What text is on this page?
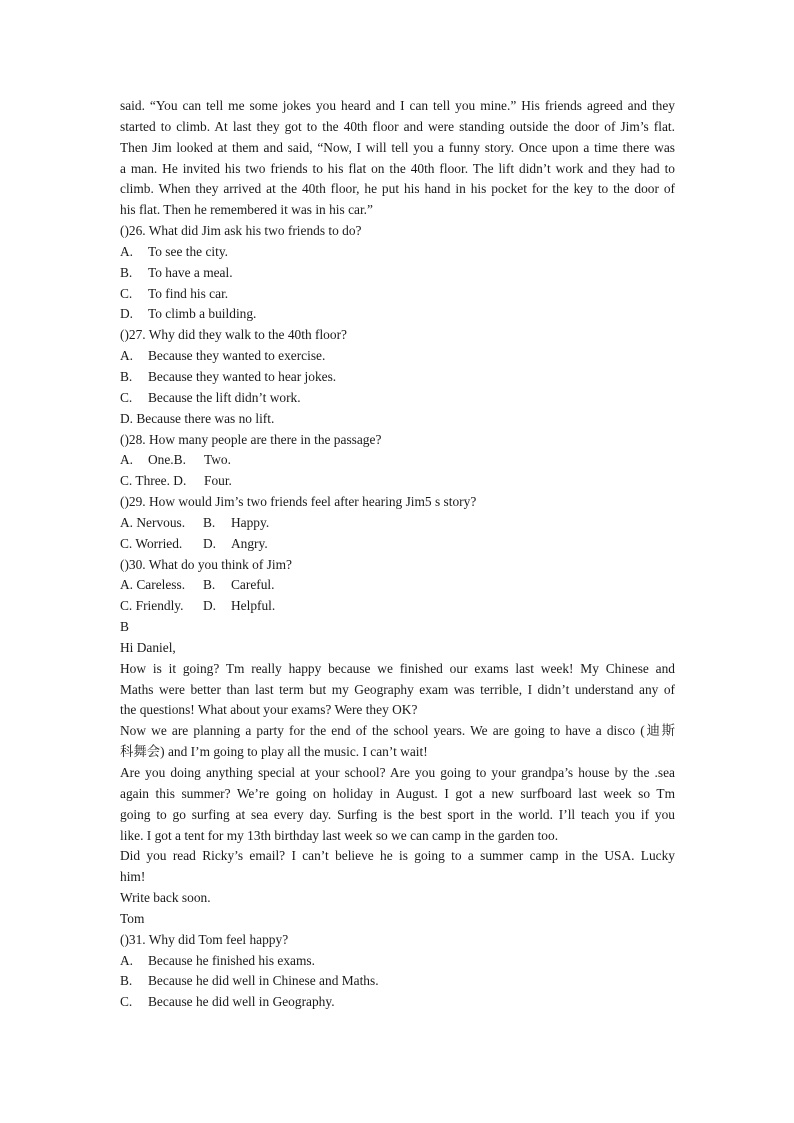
said. “You can tell me some jokes you heard and I can tell you mine.” His friends agreed and they
started to climb. At last they got to the 40th floor and were standing outside the door of Jim’s flat.
Then Jim looked at them and said, “Now, I will tell you a funny story. Once upon a time there was
a man. He invited his two friends to his flat on the 40th floor. The lift didn’t work and they had to
climb. When they arrived at the 40th floor, he put his hand in his pocket for the key to the door of
his flat. Then he remembered it was in his car.”
()26. What did Jim ask his two friends to do?
A.	To see the city.
B.	To have a meal.
C.	To find his car.
D.	To climb a building.
()27. Why did they walk to the 40th floor?
A.	Because they wanted to exercise.
B.	Because they wanted to hear jokes.
C.	Because the lift didn’t work.
D. Because there was no lift.
()28. How many people are there in the passage?
A. One.B. Two.
C. Three. D. Four.
()29. How would Jim’s two friends feel after hearing Jim5 s story?
A. Nervous. B. Happy.
C. Worried. D. Angry.
()30. What do you think of Jim?
A. Careless. B. Careful.
C. Friendly. D. Helpful.
B
Hi Daniel,
How is it going? Tm really happy because we finished our exams last week! My Chinese and
Maths were better than last term but my Geography exam was terrible, I didn’t understand any of
the questions! What about your exams? Were they OK?
Now we are planning a party for the end of the school years. We are going to have a disco (迪斯
科舞会) and I’m going to play all the music. I can’t wait!
Are you doing anything special at your school? Are you going to your grandpa’s house by the .sea
again this summer? We’re going on holiday in August. I got a new surfboard last week so Tm
going to go surfing at sea every day. Surfing is the best sport in the world. I’ll teach you if you
like. I got a tent for my 13th birthday last week so we can camp in the garden too.
Did you read Ricky’s email? I can’t believe he is going to a summer camp in the USA. Lucky
him!
Write back soon.
Tom
()31. Why did Tom feel happy?
A.	Because he finished his exams.
B.	Because he did well in Chinese and Maths.
C.	Because he did well in Geography.
